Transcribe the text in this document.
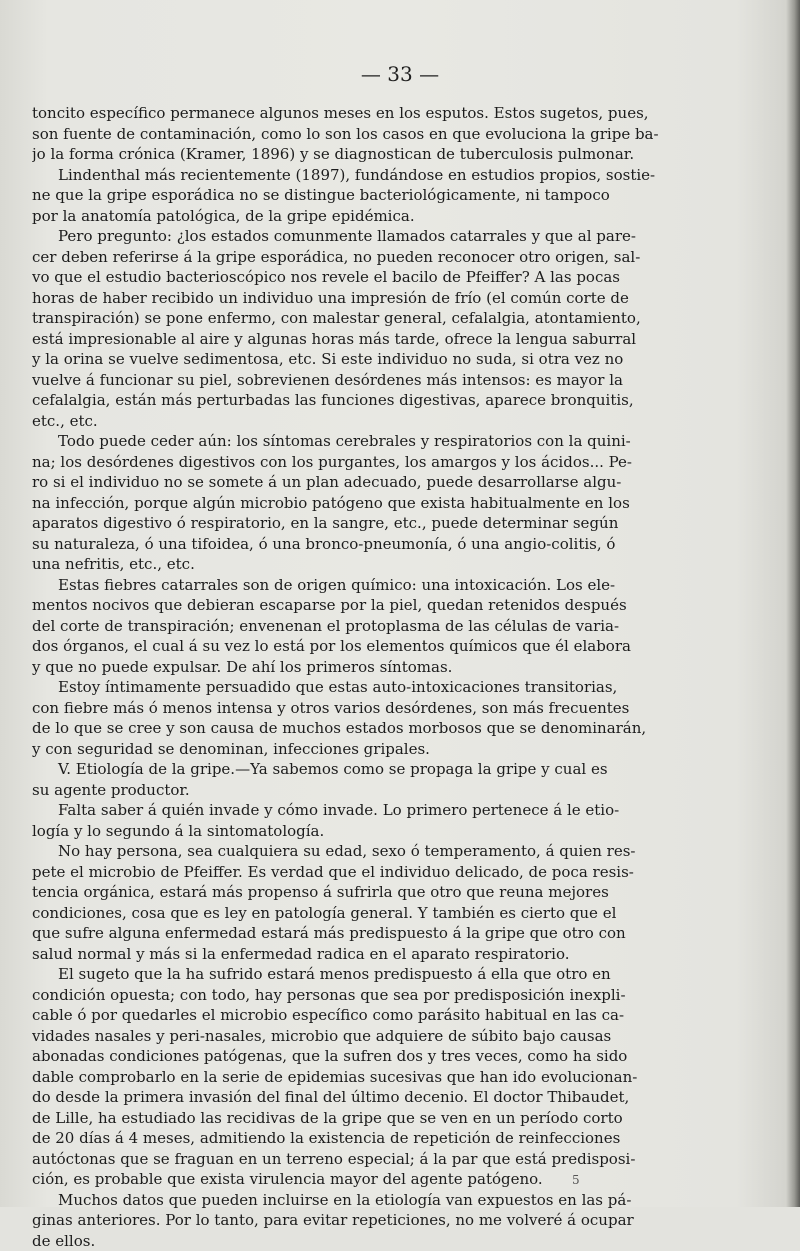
— 33 —
toncito específico permanece algunos meses en los esputos. Estos sugetos, pues,
son fuente de contaminación, como lo son los casos en que evoluciona la gripe ba-
jo la forma crónica (Kramer, 1896) y se diagnostican de tuberculosis pulmonar.
Lindenthal más recientemente (1897), fundándose en estudios propios, sostie-
ne que la gripe esporádica no se distingue bacteriológicamente, ni tampoco
por la anatomía patológica, de la gripe epidémica.
Pero pregunto: ¿los estados comunmente llamados catarrales y que al pare-
cer deben referirse á la gripe esporádica, no pueden reconocer otro origen, sal-
vo que el estudio bacterioscópico nos revele el bacilo de Pfeiffer? A las pocas
horas de haber recibido un individuo una impresión de frío (el común corte de
transpiración) se pone enfermo, con malestar general, cefalalgia, atontamiento,
está impresionable al aire y algunas horas más tarde, ofrece la lengua saburral
y la orina se vuelve sedimentosa, etc. Si este individuo no suda, si otra vez no
vuelve á funcionar su piel, sobrevienen desórdenes más intensos: es mayor la
cefalalgia, están más perturbadas las funciones digestivas, aparece bronquitis,
etc., etc.
Todo puede ceder aún: los síntomas cerebrales y respiratorios con la quini-
na; los desórdenes digestivos con los purgantes, los amargos y los ácidos... Pe-
ro si el individuo no se somete á un plan adecuado, puede desarrollarse algu-
na infección, porque algún microbio patógeno que exista habitualmente en los
aparatos digestivo ó respiratorio, en la sangre, etc., puede determinar según
su naturaleza, ó una tifoidea, ó una bronco-pneumonía, ó una angio-colitis, ó
una nefritis, etc., etc.
Estas fiebres catarrales son de origen químico: una intoxicación. Los ele-
mentos nocivos que debieran escaparse por la piel, quedan retenidos después
del corte de transpiración; envenenan el protoplasma de las células de varia-
dos órganos, el cual á su vez lo está por los elementos químicos que él elabora
y que no puede expulsar. De ahí los primeros síntomas.
Estoy íntimamente persuadido que estas auto-intoxicaciones transitorias,
con fiebre más ó menos intensa y otros varios desórdenes, son más frecuentes
de lo que se cree y son causa de muchos estados morbosos que se denominarán,
y con seguridad se denominan, infecciones gripales.
V. Etiología de la gripe.—Ya sabemos como se propaga la gripe y cual es
su agente productor.
Falta saber á quién invade y cómo invade. Lo primero pertenece á le etio-
logía y lo segundo á la sintomatología.
No hay persona, sea cualquiera su edad, sexo ó temperamento, á quien res-
pete el microbio de Pfeiffer. Es verdad que el individuo delicado, de poca resis-
tencia orgánica, estará más propenso á sufrirla que otro que reuna mejores
condiciones, cosa que es ley en patología general. Y también es cierto que el
que sufre alguna enfermedad estará más predispuesto á la gripe que otro con
salud normal y más si la enfermedad radica en el aparato respiratorio.
El sugeto que la ha sufrido estará menos predispuesto á ella que otro en
condición opuesta; con todo, hay personas que sea por predisposición inexpli-
cable ó por quedarles el microbio específico como parásito habitual en las ca-
vidades nasales y peri-nasales, microbio que adquiere de súbito bajo causas
abonadas condiciones patógenas, que la sufren dos y tres veces, como ha sido
dable comprobarlo en la serie de epidemias sucesivas que han ido evolucionan-
do desde la primera invasión del final del último decenio. El doctor Thibaudet,
de Lille, ha estudiado las recidivas de la gripe que se ven en un período corto
de 20 días á 4 meses, admitiendo la existencia de repetición de reinfecciones
autóctonas que se fraguan en un terreno especial; á la par que está predisposi-
ción, es probable que exista virulencia mayor del agente patógeno.
Muchos datos que pueden incluirse en la etiología van expuestos en las pá-
ginas anteriores. Por lo tanto, para evitar repeticiones, no me volveré á ocupar
de ellos.
5
